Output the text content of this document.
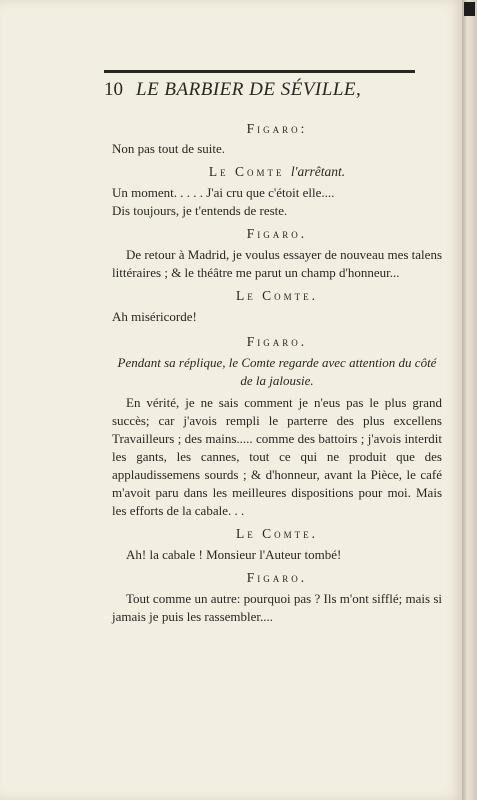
10 LE BARBIER DE SÉVILLE,
Figaro:
Non pas tout de suite.
Le Comte l'arrêtant.
Un moment. . . . . J'ai cru que c'étoit elle....
Dis toujours, je t'entends de reste.
Figaro.
De retour à Madrid, je voulus essayer de nouveau mes talens littéraires ; & le théâtre me parut un champ d'honneur...
Le Comte.
Ah miséricorde!
Figaro.
Pendant sa réplique, le Comte regarde avec attention du côté de la jalousie.
En vérité, je ne sais comment je n'eus pas le plus grand succès; car j'avois rempli le parterre des plus excellens Travailleurs ; des mains..... comme des battoirs ; j'avois interdit les gants, les cannes, tout ce qui ne produit que des applaudissemens sourds ; & d'honneur, avant la Pièce, le café m'avoit paru dans les meilleures dispositions pour moi. Mais les efforts de la cabale. . .
Le Comte.
Ah! la cabale ! Monsieur l'Auteur tombé!
Figaro.
Tout comme un autre: pourquoi pas ? Ils m'ont sifflé; mais si jamais je puis les rassembler....
